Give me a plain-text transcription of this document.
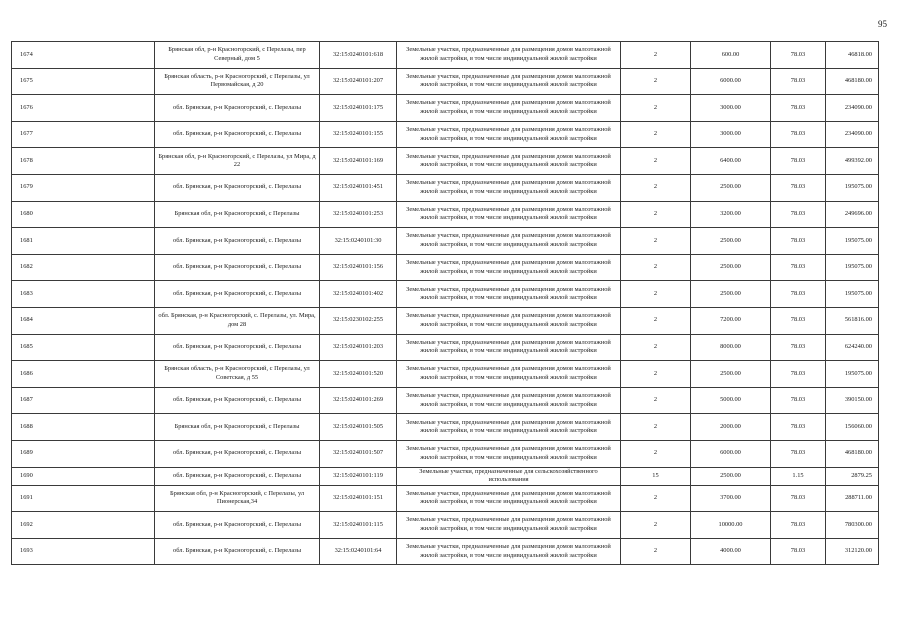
95
1674	Брянская обл, р-н Красногорский, с Перелазы, пер Северный, дом 5	32:15:0240101:618	Земельные участки, предназначенные для размещения домов малоэтажной жилой застройки, в том числе индивидуальной жилой застройки	2	600.00	78.03	46818.00
1675	Брянская область, р-н Красногорский, с Перелазы, ул Первомайская, д 20	32:15:0240101:207	Земельные участки, предназначенные для размещения домов малоэтажной жилой застройки, в том числе индивидуальной жилой застройки	2	6000.00	78.03	468180.00
1676	обл. Брянская, р-н Красногорский, с. Перелазы	32:15:0240101:175	Земельные участки, предназначенные для размещения домов малоэтажной жилой застройки, в том числе индивидуальной жилой застройки	2	3000.00	78.03	234090.00
1677	обл. Брянская, р-н Красногорский, с. Перелазы	32:15:0240101:155	Земельные участки, предназначенные для размещения домов малоэтажной жилой застройки, в том числе индивидуальной жилой застройки	2	3000.00	78.03	234090.00
1678	Брянская обл, р-н Красногорский, с Перелазы, ул Мира, д 22	32:15:0240101:169	Земельные участки, предназначенные для размещения домов малоэтажной жилой застройки, в том числе индивидуальной жилой застройки	2	6400.00	78.03	499392.00
1679	обл. Брянская, р-н Красногорский, с. Перелазы	32:15:0240101:451	Земельные участки, предназначенные для размещения домов малоэтажной жилой застройки, в том числе индивидуальной жилой застройки	2	2500.00	78.03	195075.00
1680	Брянская обл, р-н Красногорский, с Перелазы	32:15:0240101:253	Земельные участки, предназначенные для размещения домов малоэтажной жилой застройки, в том числе индивидуальной жилой застройки	2	3200.00	78.03	249696.00
1681	обл. Брянская, р-н Красногорский, с. Перелазы	32:15:0240101:30	Земельные участки, предназначенные для размещения домов малоэтажной жилой застройки, в том числе индивидуальной жилой застройки	2	2500.00	78.03	195075.00
1682	обл. Брянская, р-н Красногорский, с. Перелазы	32:15:0240101:156	Земельные участки, предназначенные для размещения домов малоэтажной жилой застройки, в том числе индивидуальной жилой застройки	2	2500.00	78.03	195075.00
1683	обл. Брянская, р-н Красногорский, с. Перелазы	32:15:0240101:402	Земельные участки, предназначенные для размещения домов малоэтажной жилой застройки, в том числе индивидуальной жилой застройки	2	2500.00	78.03	195075.00
1684	обл. Брянская, р-н Красногорский, с. Перелазы, ул. Мира, дом 28	32:15:0230102:255	Земельные участки, предназначенные для размещения домов малоэтажной жилой застройки, в том числе индивидуальной жилой застройки	2	7200.00	78.03	561816.00
1685	обл. Брянская, р-н Красногорский, с. Перелазы	32:15:0240101:203	Земельные участки, предназначенные для размещения домов малоэтажной жилой застройки, в том числе индивидуальной жилой застройки	2	8000.00	78.03	624240.00
1686	Брянская область, р-н Красногорский, с Перелазы, ул Советская, д 55	32:15:0240101:520	Земельные участки, предназначенные для размещения домов малоэтажной жилой застройки, в том числе индивидуальной жилой застройки	2	2500.00	78.03	195075.00
1687	обл. Брянская, р-н Красногорский, с. Перелазы	32:15:0240101:269	Земельные участки, предназначенные для размещения домов малоэтажной жилой застройки, в том числе индивидуальной жилой застройки	2	5000.00	78.03	390150.00
1688	Брянская обл, р-н Красногорский, с Перелазы	32:15:0240101:505	Земельные участки, предназначенные для размещения домов малоэтажной жилой застройки, в том числе индивидуальной жилой застройки	2	2000.00	78.03	156060.00
1689	обл. Брянская, р-н Красногорский, с. Перелазы	32:15:0240101:507	Земельные участки, предназначенные для размещения домов малоэтажной жилой застройки, в том числе индивидуальной жилой застройки	2	6000.00	78.03	468180.00
1690	обл. Брянская, р-н Красногорский, с. Перелазы	32:15:0240101:119	Земельные участки, предназначенные для сельскохозяйственного использования	15	2500.00	1.15	2879.25
1691	Брянская обл, р-н Красногорский, с Перелазы, ул Пионерская,34	32:15:0240101:151	Земельные участки, предназначенные для размещения домов малоэтажной жилой застройки, в том числе индивидуальной жилой застройки	2	3700.00	78.03	288711.00
1692	обл. Брянская, р-н Красногорский, с. Перелазы	32:15:0240101:115	Земельные участки, предназначенные для размещения домов малоэтажной жилой застройки, в том числе индивидуальной жилой застройки	2	10000.00	78.03	780300.00
1693	обл. Брянская, р-н Красногорский, с. Перелазы	32:15:0240101:64	Земельные участки, предназначенные для размещения домов малоэтажной жилой застройки, в том числе индивидуальной жилой застройки	2	4000.00	78.03	312120.00
